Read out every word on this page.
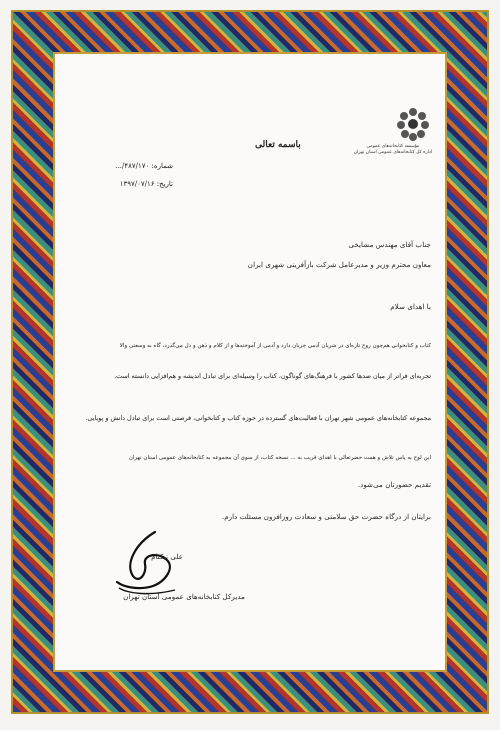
مؤسسه کتابخانه‌های عمومی
اداره کل کتابخانه‌های عمومی استان تهران
باسمه تعالی
شماره: ۴۸۷/۱۷۰/...
تاریخ: ۱۳۹۷/۰۷/۱۶
جناب آقای مهندس مشایخی
معاون محترم وزیر و مدیرعامل شرکت بازآفرینی شهری ایران
با اهدای سلام
کتاب و کتابخوانی هم‌چون روح تازه‌ای در شریان آدمی جریان دارد و آدمی از آموخته‌ها و از کلام و ذهن و دل می‌گذرد، گاه به وسعتی والا
تجربه‌ای فراتر از میان صدها کشور با فرهنگ‌های گوناگون، کتاب را وسیله‌ای برای تبادل اندیشه و هم‌افزایی دانسته است.
مجموعه کتابخانه‌های عمومی شهر تهران با فعالیت‌های گسترده در حوزه کتاب و کتابخوانی، فرصتی است برای تبادل دانش و پویایی.
این لوح به پاس تلاش و همت حضرتعالی با اهدای قریب به ... نسخه کتاب، از سوی آن مجموعه به کتابخانه‌های عمومی استان تهران
تقدیم حضورتان می‌شود.
برایتان از درگاه حضرت حق سلامتی و سعادت روزافزون مسئلت دارم.
علی نیکنام
مدیرکل کتابخانه‌های عمومی استان تهران
